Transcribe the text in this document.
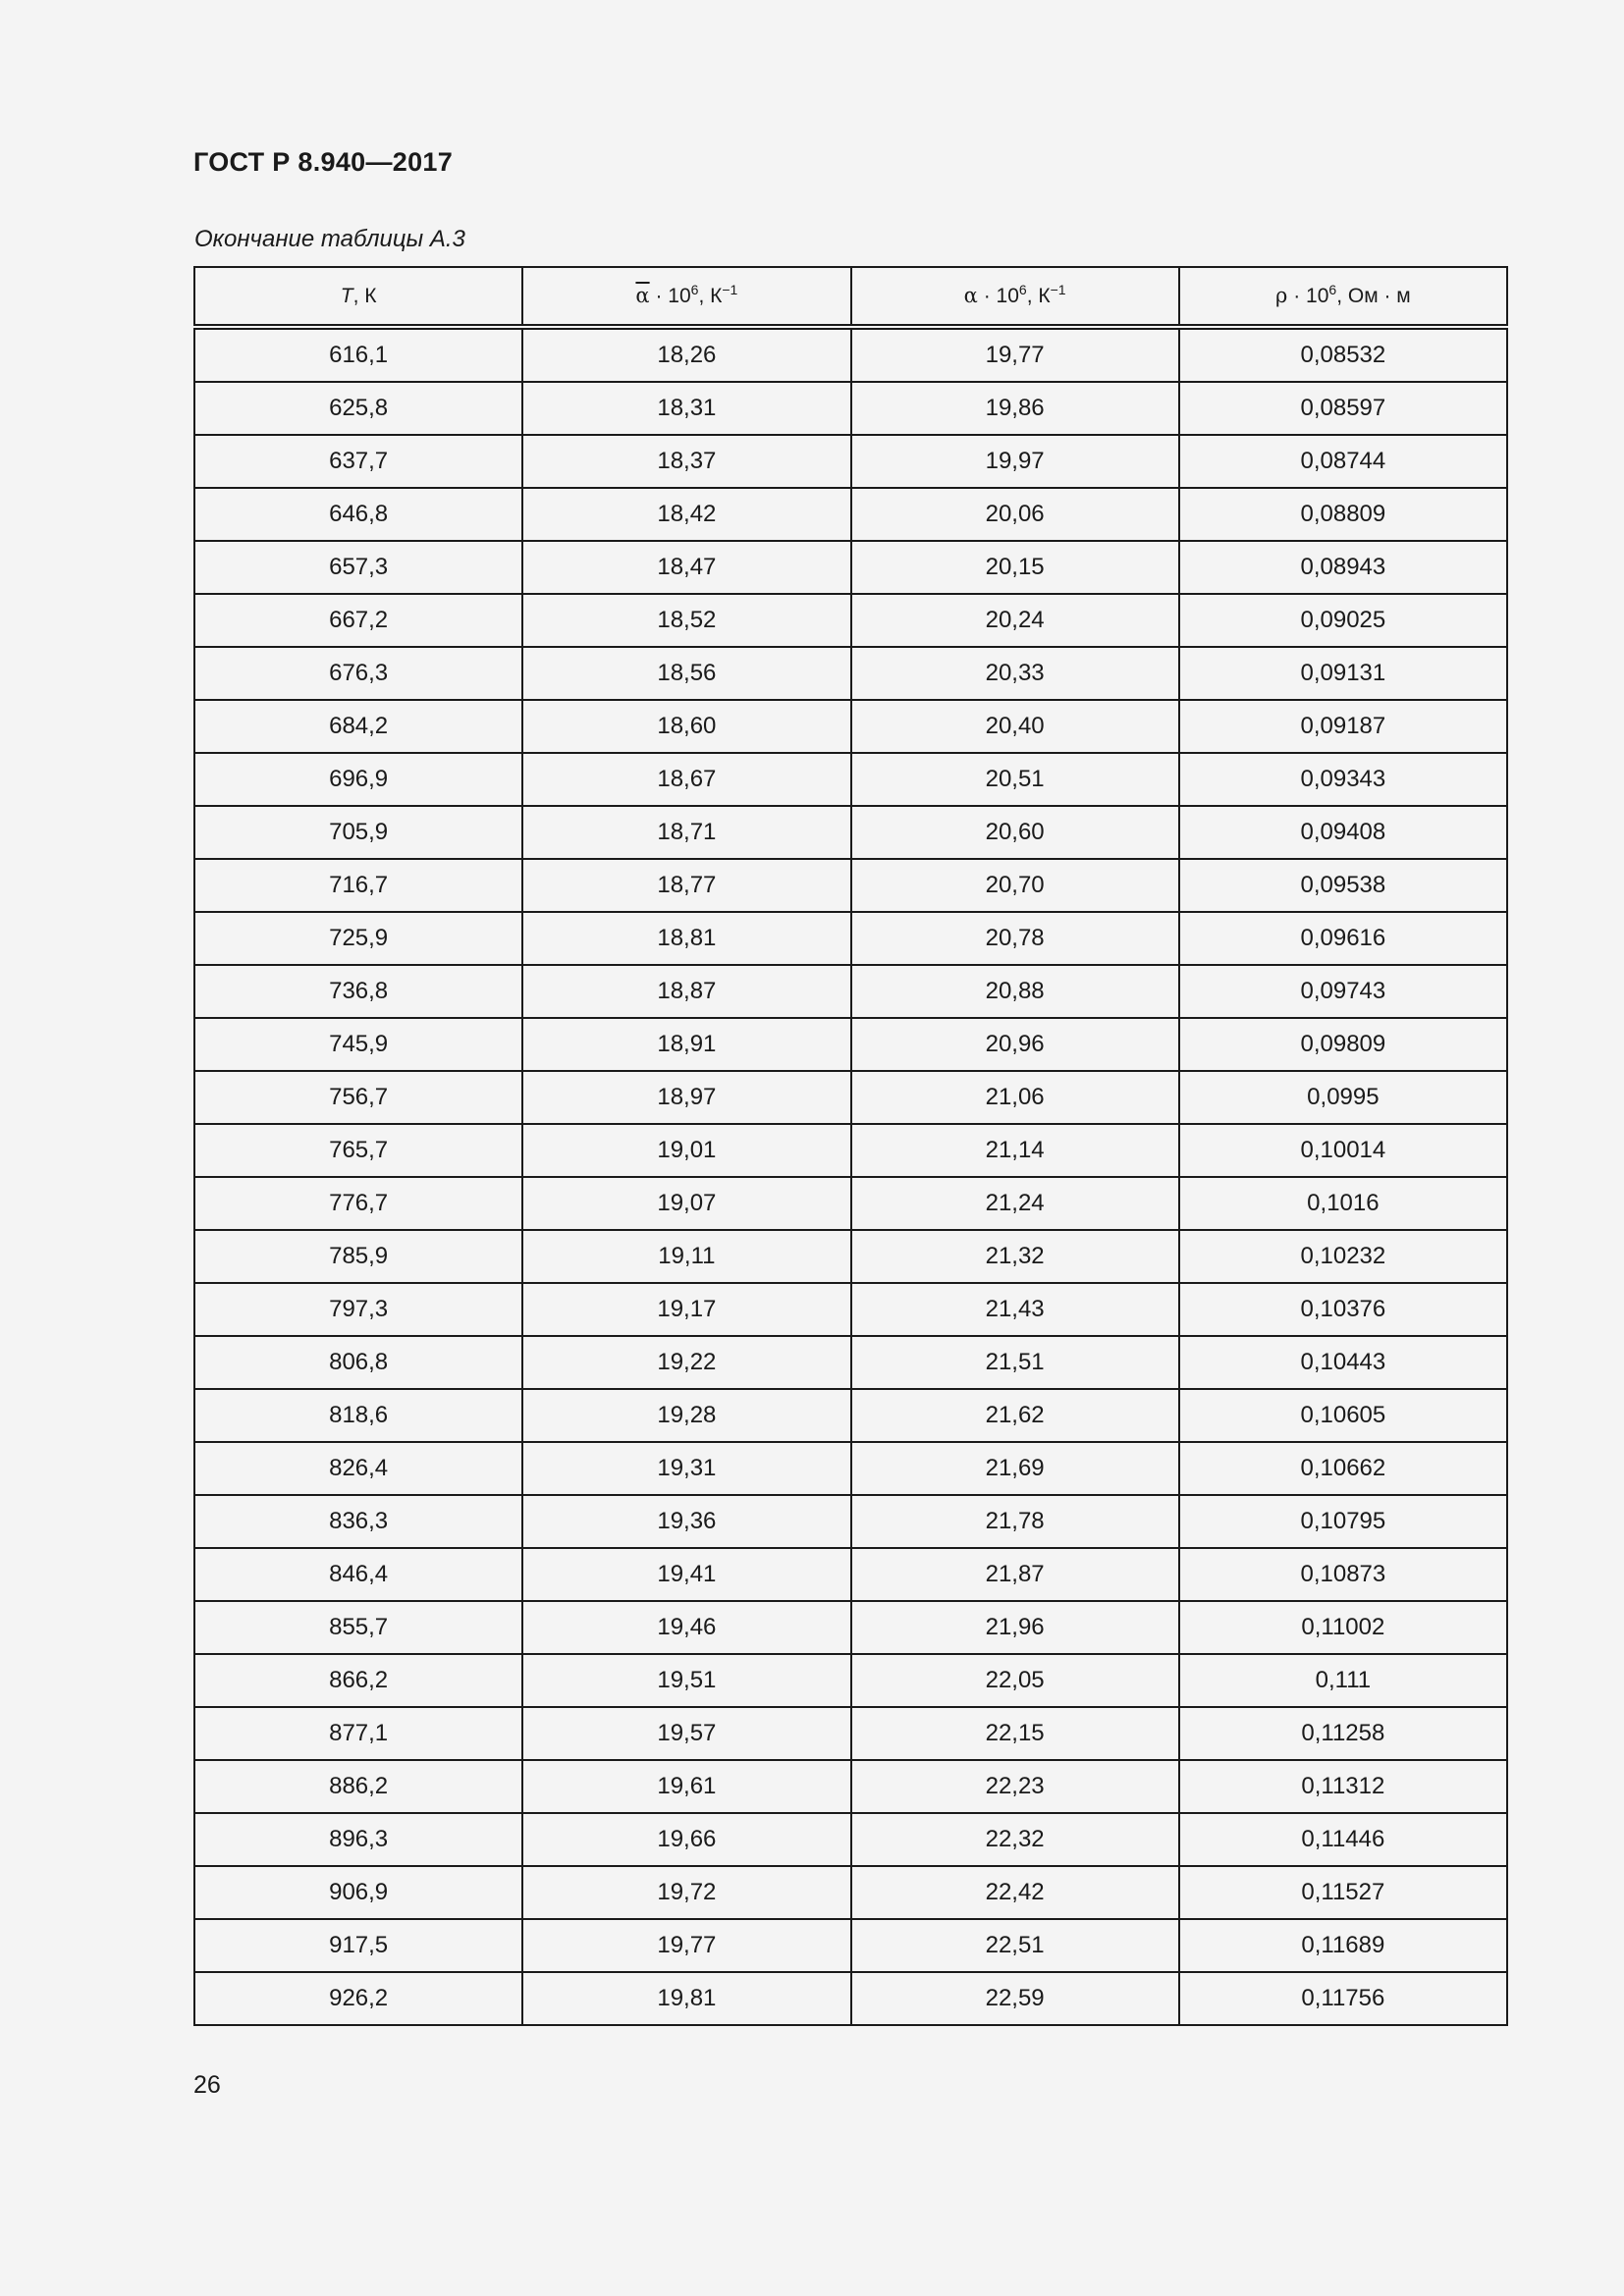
ГОСТ Р 8.940—2017
Окончание таблицы А.3
T, К	$\overline{\alpha} \cdot 10^6$, $К^{-1}$	$\alpha \cdot 10^6$, $К^{-1}$	$\rho \cdot 10^6$, Ом · м
616,1	18,26	19,77	0,08532
625,8	18,31	19,86	0,08597
637,7	18,37	19,97	0,08744
646,8	18,42	20,06	0,08809
657,3	18,47	20,15	0,08943
667,2	18,52	20,24	0,09025
676,3	18,56	20,33	0,09131
684,2	18,60	20,40	0,09187
696,9	18,67	20,51	0,09343
705,9	18,71	20,60	0,09408
716,7	18,77	20,70	0,09538
725,9	18,81	20,78	0,09616
736,8	18,87	20,88	0,09743
745,9	18,91	20,96	0,09809
756,7	18,97	21,06	0,0995
765,7	19,01	21,14	0,10014
776,7	19,07	21,24	0,1016
785,9	19,11	21,32	0,10232
797,3	19,17	21,43	0,10376
806,8	19,22	21,51	0,10443
818,6	19,28	21,62	0,10605
826,4	19,31	21,69	0,10662
836,3	19,36	21,78	0,10795
846,4	19,41	21,87	0,10873
855,7	19,46	21,96	0,11002
866,2	19,51	22,05	0,111
877,1	19,57	22,15	0,11258
886,2	19,61	22,23	0,11312
896,3	19,66	22,32	0,11446
906,9	19,72	22,42	0,11527
917,5	19,77	22,51	0,11689
926,2	19,81	22,59	0,11756
26
